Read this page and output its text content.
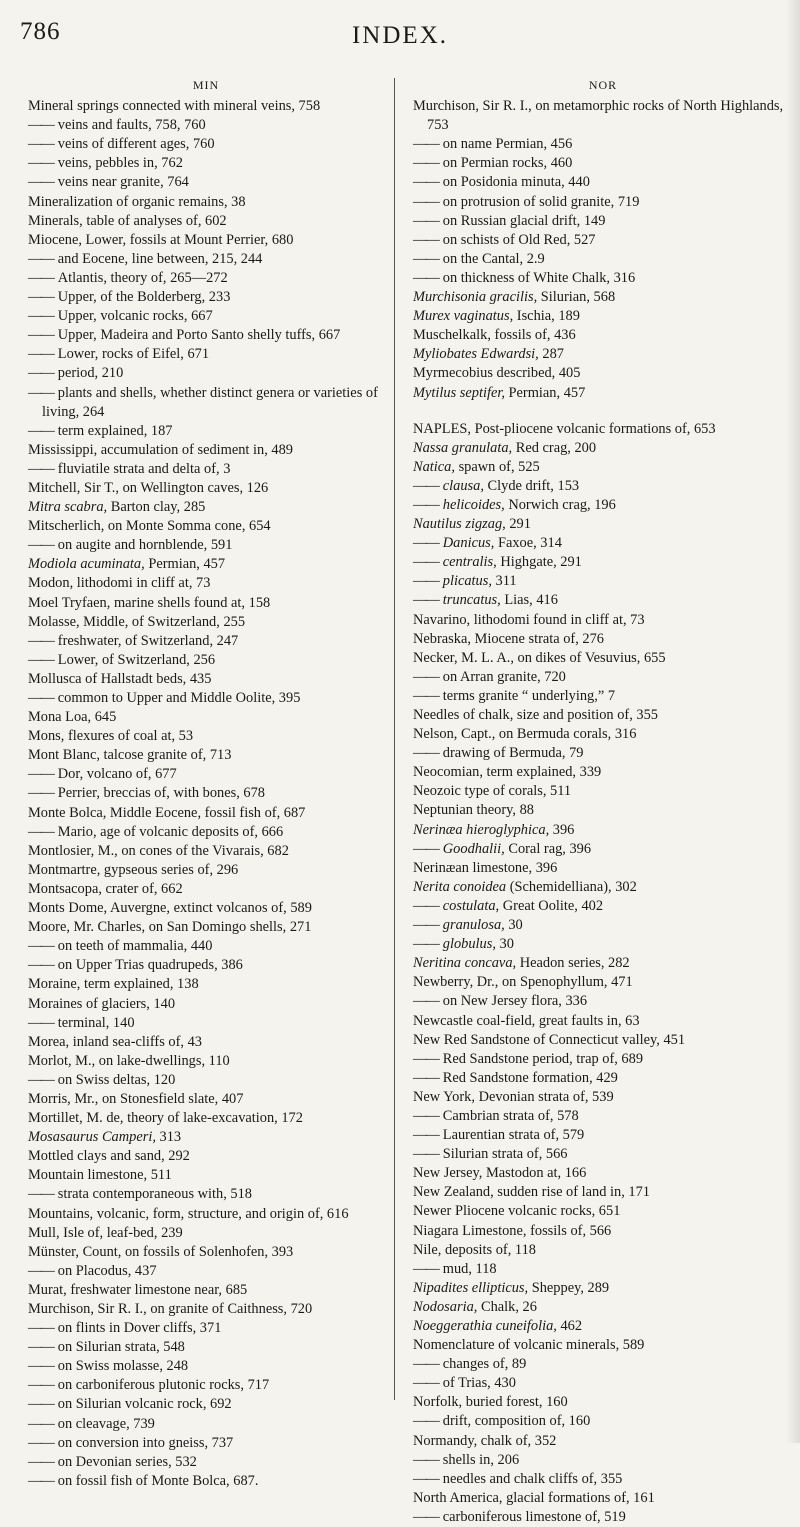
786	INDEX.
MIN
Mineral springs connected with mineral veins, 758
—— veins and faults, 758, 760
—— veins of different ages, 760
—— veins, pebbles in, 762
—— veins near granite, 764
Mineralization of organic remains, 38
Minerals, table of analyses of, 602
Miocene, Lower, fossils at Mount Perrier, 680
—— and Eocene, line between, 215, 244
—— Atlantis, theory of, 265—272
—— Upper, of the Bolderberg, 233
—— Upper, volcanic rocks, 667
—— Upper, Madeira and Porto Santo shelly tuffs, 667
—— Lower, rocks of Eifel, 671
—— period, 210
—— plants and shells, whether distinct genera or varieties of living, 264
—— term explained, 187
Mississippi, accumulation of sediment in, 489
—— fluviatile strata and delta of, 3
Mitchell, Sir T., on Wellington caves, 126
Mitra scabra, Barton clay, 285
Mitscherlich, on Monte Somma cone, 654
—— on augite and hornblende, 591
Modiola acuminata, Permian, 457
Modon, lithodomi in cliff at, 73
Moel Tryfaen, marine shells found at, 158
Molasse, Middle, of Switzerland, 255
—— freshwater, of Switzerland, 247
—— Lower, of Switzerland, 256
Mollusca of Hallstadt beds, 435
—— common to Upper and Middle Oolite, 395
Mona Loa, 645
Mons, flexures of coal at, 53
Mont Blanc, talcose granite of, 713
—— Dor, volcano of, 677
—— Perrier, breccias of, with bones, 678
Monte Bolca, Middle Eocene, fossil fish of, 687
—— Mario, age of volcanic deposits of, 666
Montlosier, M., on cones of the Vivarais, 682
Montmartre, gypseous series of, 296
Montsacopa, crater of, 662
Monts Dome, Auvergne, extinct volcanos of, 589
Moore, Mr. Charles, on San Domingo shells, 271
—— on teeth of mammalia, 440
—— on Upper Trias quadrupeds, 386
Moraine, term explained, 138
Moraines of glaciers, 140
—— terminal, 140
Morea, inland sea-cliffs of, 43
Morlot, M., on lake-dwellings, 110
—— on Swiss deltas, 120
Morris, Mr., on Stonesfield slate, 407
Mortillet, M. de, theory of lake-excavation, 172
Mosasaurus Camperi, 313
Mottled clays and sand, 292
Mountain limestone, 511
—— strata contemporaneous with, 518
Mountains, volcanic, form, structure, and origin of, 616
Mull, Isle of, leaf-bed, 239
Münster, Count, on fossils of Solenhofen, 393
—— on Placodus, 437
Murat, freshwater limestone near, 685
Murchison, Sir R. I., on granite of Caithness, 720
—— on flints in Dover cliffs, 371
—— on Silurian strata, 548
—— on Swiss molasse, 248
—— on carboniferous plutonic rocks, 717
—— on Silurian volcanic rock, 692
—— on cleavage, 739
—— on conversion into gneiss, 737
—— on Devonian series, 532
—— on fossil fish of Monte Bolca, 687.
NOR
Murchison, Sir R. I., on metamorphic rocks of North Highlands, 753
—— on name Permian, 456
—— on Permian rocks, 460
—— on Posidonia minuta, 440
—— on protrusion of solid granite, 719
—— on Russian glacial drift, 149
—— on schists of Old Red, 527
—— on the Cantal, 2.9
—— on thickness of White Chalk, 316
Murchisonia gracilis, Silurian, 568
Murex vaginatus, Ischia, 189
Muschelkalk, fossils of, 436
Myliobates Edwardsi, 287
Myrmecobius described, 405
Mytilus septifer, Permian, 457
NAPLES, Post-pliocene volcanic formations of, 653
Nassa granulata, Red crag, 200
Natica, spawn of, 525
—— clausa, Clyde drift, 153
—— helicoides, Norwich crag, 196
Nautilus zigzag, 291
—— Danicus, Faxoe, 314
—— centralis, Highgate, 291
—— plicatus, 311
—— truncatus, Lias, 416
Navarino, lithodomi found in cliff at, 73
Nebraska, Miocene strata of, 276
Necker, M. L. A., on dikes of Vesuvius, 655
—— on Arran granite, 720
—— terms granite “ underlying,” 7
Needles of chalk, size and position of, 355
Nelson, Capt., on Bermuda corals, 316
—— drawing of Bermuda, 79
Neocomian, term explained, 339
Neozoic type of corals, 511
Neptunian theory, 88
Nerinæa hieroglyphica, 396
—— Goodhalii, Coral rag, 396
Nerinæan limestone, 396
Nerita conoidea (Schemidelliana), 302
—— costulata, Great Oolite, 402
—— granulosa, 30
—— globulus, 30
Neritina concava, Headon series, 282
Newberry, Dr., on Spenophyllum, 471
—— on New Jersey flora, 336
Newcastle coal-field, great faults in, 63
New Red Sandstone of Connecticut valley, 451
—— Red Sandstone period, trap of, 689
—— Red Sandstone formation, 429
New York, Devonian strata of, 539
—— Cambrian strata of, 578
—— Laurentian strata of, 579
—— Silurian strata of, 566
New Jersey, Mastodon at, 166
New Zealand, sudden rise of land in, 171
Newer Pliocene volcanic rocks, 651
Niagara Limestone, fossils of, 566
Nile, deposits of, 118
—— mud, 118
Nipadites ellipticus, Sheppey, 289
Nodosaria, Chalk, 26
Noeggerathia cuneifolia, 462
Nomenclature of volcanic minerals, 589
—— changes of, 89
—— of Trias, 430
Norfolk, buried forest, 160
—— drift, composition of, 160
Normandy, chalk of, 352
—— shells in, 206
—— needles and chalk cliffs of, 355
North America, glacial formations of, 161
—— carboniferous limestone of, 519
